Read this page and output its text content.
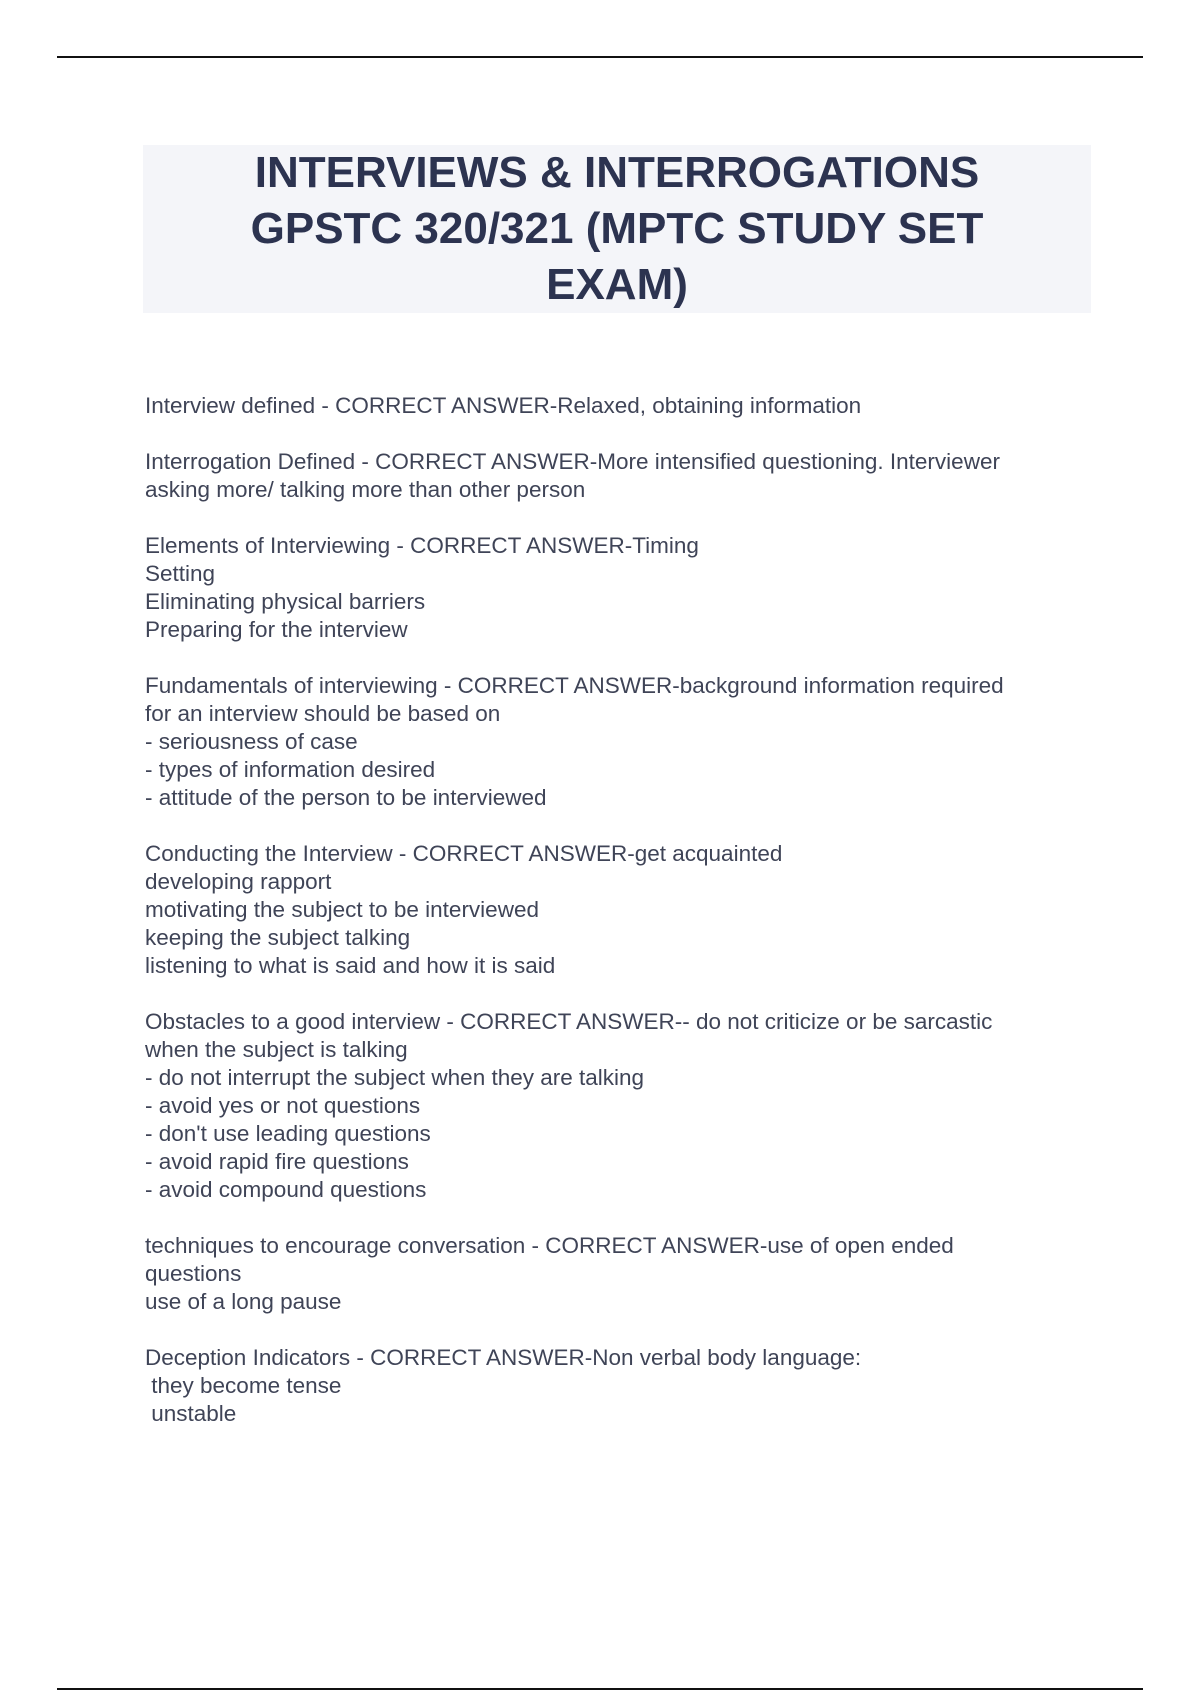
INTERVIEWS & INTERROGATIONS GPSTC 320/321 (MPTC STUDY SET EXAM)
Interview defined - CORRECT ANSWER-Relaxed, obtaining information
Interrogation Defined - CORRECT ANSWER-More intensified questioning. Interviewer
asking more/ talking more than other person
Elements of Interviewing - CORRECT ANSWER-Timing
Setting
Eliminating physical barriers
Preparing for the interview
Fundamentals of interviewing - CORRECT ANSWER-background information required
for an interview should be based on
- seriousness of case
- types of information desired
- attitude of the person to be interviewed
Conducting the Interview - CORRECT ANSWER-get acquainted
developing rapport
motivating the subject to be interviewed
keeping the subject talking
listening to what is said and how it is said
Obstacles to a good interview - CORRECT ANSWER-- do not criticize or be sarcastic
when the subject is talking
- do not interrupt the subject when they are talking
- avoid yes or not questions
- don't use leading questions
- avoid rapid fire questions
- avoid compound questions
techniques to encourage conversation - CORRECT ANSWER-use of open ended
questions
use of a long pause
Deception Indicators - CORRECT ANSWER-Non verbal body language:
they become tense
unstable
